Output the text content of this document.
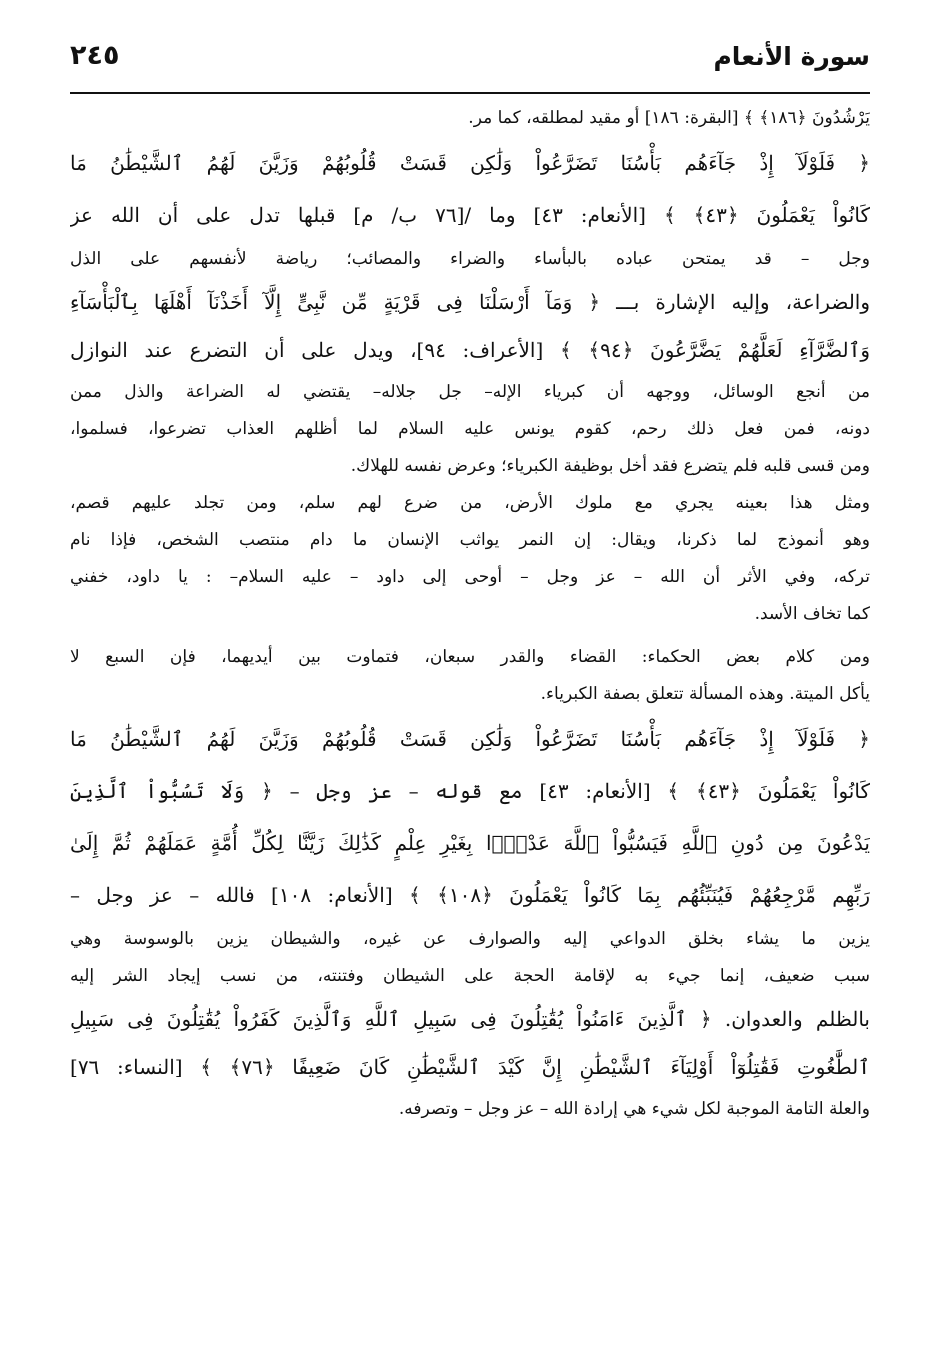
سورة الأنعام
٢٤٥

يَرْشُدُونَ ﴿١٨٦﴾ ﴾ [البقرة: ١٨٦] أو مقيد لمطلقه، كما مر.

﴿ فَلَوْلَآ إِذْ جَآءَهُم بَأْسُنَا تَضَرَّعُواْ وَلَٰكِن قَسَتْ قُلُوبُهُمْ وَزَيَّنَ لَهُمُ ٱلشَّيْطَٰنُ مَا
كَانُواْ يَعْمَلُونَ ﴿٤٣﴾ ﴾ [الأنعام: ٤٣] وما /[٧٦ ب/ م] قبلها تدل على أن الله عز
وجل – قد يمتحن عباده بالبأساء والضراء والمصائب؛ رياضة لأنفسهم على الذل
والضراعة، وإليه الإشارة بـــ ﴿ وَمَآ أَرْسَلْنَا فِى قَرْيَةٍ مِّن نَّبِىٍّ إِلَّآ أَخَذْنَآ أَهْلَهَا بِٱلْبَأْسَآءِ
وَٱلضَّرَّآءِ لَعَلَّهُمْ يَضَّرَّعُونَ ﴿٩٤﴾ ﴾ [الأعراف: ٩٤]، ويدل على أن التضرع عند النوازل
من أنجع الوسائل، ووجهه أن كبرياء الإله– جل جلاله– يقتضي له الضراعة والذل ممن
دونه، فمن فعل ذلك رحم، كقوم يونس عليه السلام لما أظلهم العذاب تضرعوا، فسلموا،
ومن قسى قلبه فلم يتضرع فقد أخل بوظيفة الكبرياء؛ وعرض نفسه للهلاك.

ومثل هذا بعينه يجري مع ملوك الأرض، من ضرع لهم سلم، ومن تجلد عليهم قصم،
وهو أنموذج لما ذكرنا، ويقال: إن النمر يواثب الإنسان ما دام منتصب الشخص، فإذا نام
تركه، وفي الأثر أن الله – عز وجل – أوحى إلى داود – عليه السلام– : يا داود، خفني
كما تخاف الأسد.

ومن كلام بعض الحكماء: القضاء والقدر سبعان، فتماوت بين أيديهما، فإن السبع لا
يأكل الميتة. وهذه المسألة تتعلق بصفة الكبرياء.

﴿ فَلَوْلَآ إِذْ جَآءَهُم بَأْسُنَا تَضَرَّعُواْ وَلَٰكِن قَسَتْ قُلُوبُهُمْ وَزَيَّنَ لَهُمُ ٱلشَّيْطَٰنُ مَا
كَانُواْ يَعْمَلُونَ ﴿٤٣﴾ ﴾ [الأنعام: ٤٣] مع قوله – عز وجل – ﴿ وَلَا تَسُبُّواْ ٱلَّذِينَ
يَدْعُونَ مِن دُونِ ٱللَّهِ فَيَسُبُّواْ ٱللَّهَ عَدْوًۢا بِغَيْرِ عِلْمٍ كَذَٰلِكَ زَيَّنَّا لِكُلِّ أُمَّةٍ عَمَلَهُمْ ثُمَّ إِلَىٰ
رَبِّهِم مَّرْجِعُهُمْ فَيُنَبِّئُهُم بِمَا كَانُواْ يَعْمَلُونَ ﴿١٠٨﴾ ﴾ [الأنعام: ١٠٨] فالله – عز وجل –
يزين ما يشاء بخلق الدواعي إليه والصوارف عن غيره، والشيطان يزين بالوسوسة وهي
سبب ضعيف، إنما جيء به لإقامة الحجة على الشيطان وفتنته، من نسب إيجاد الشر إليه
بالظلم والعدوان. ﴿ ٱلَّذِينَ ءَامَنُواْ يُقَٰتِلُونَ فِى سَبِيلِ ٱللَّهِ وَٱلَّذِينَ كَفَرُواْ يُقَٰتِلُونَ فِى سَبِيلِ
ٱلطَّٰغُوتِ فَقَٰتِلُوٓاْ أَوْلِيَآءَ ٱلشَّيْطَٰنِ إِنَّ كَيْدَ ٱلشَّيْطَٰنِ كَانَ ضَعِيفًا ﴿٧٦﴾ ﴾ [النساء: ٧٦]
والعلة التامة الموجبة لكل شيء هي إرادة الله – عز وجل – وتصرفه.
